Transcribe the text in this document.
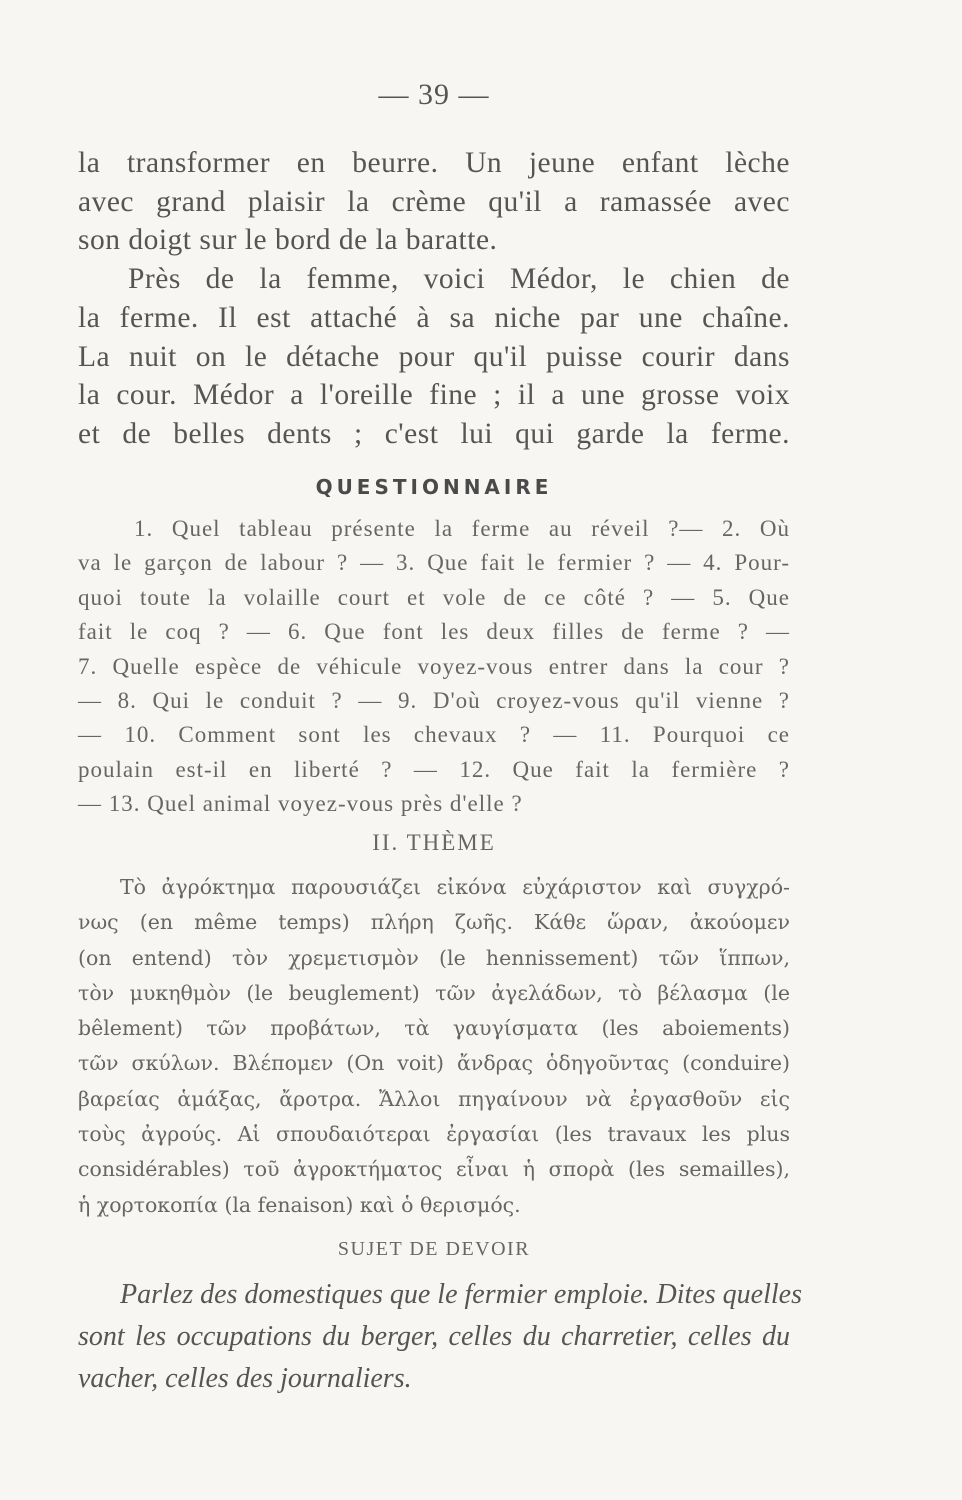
— 39 —
la transformer en beurre. Un jeune enfant lèche
avec grand plaisir la crème qu'il a ramassée avec
son doigt sur le bord de la baratte.
Près de la femme, voici Médor, le chien de
la ferme. Il est attaché à sa niche par une chaîne.
La nuit on le détache pour qu'il puisse courir dans
la cour. Médor a l'oreille fine ; il a une grosse voix
et de belles dents ; c'est lui qui garde la ferme.
QUESTIONNAIRE
1. Quel tableau présente la ferme au réveil ?— 2. Où
va le garçon de labour ? — 3. Que fait le fermier ? — 4. Pour-
quoi toute la volaille court et vole de ce côté ? — 5. Que
fait le coq ? — 6. Que font les deux filles de ferme ? —
7. Quelle espèce de véhicule voyez-vous entrer dans la cour ?
— 8. Qui le conduit ? — 9. D'où croyez-vous qu'il vienne ?
— 10. Comment sont les chevaux ? — 11. Pourquoi ce
poulain est-il en liberté ? — 12. Que fait la fermière ?
— 13. Quel animal voyez-vous près d'elle ?
II. THÈME
Τὸ ἀγρόκτημα παρουσιάζει εἰκόνα εὐχάριστον καὶ συγχρό-
νως (en même temps) πλήρη ζωῆς. Κάθε ὥραν, ἀκούομεν
(on entend) τὸν χρεμετισμὸν (le hennissement) τῶν ἵππων,
τὸν μυκηθμὸν (le beuglement) τῶν ἀγελάδων, τὸ βέλασμα (le
bêlement) τῶν προβάτων, τὰ γαυγίσματα (les aboiements)
τῶν σκύλων. Βλέπομεν (On voit) ἄνδρας ὁδηγοῦντας (conduire)
βαρείας ἁμάξας, ἄροτρα. Ἄλλοι πηγαίνουν νὰ ἐργασθοῦν εἰς
τοὺς ἀγρούς. Αἱ σπουδαιότεραι ἐργασίαι (les travaux les plus
considérables) τοῦ ἀγροκτήματος εἶναι ἡ σπορὰ (les semailles),
ἡ χορτοκοπία (la fenaison) καὶ ὁ θερισμός.
SUJET DE DEVOIR
Parlez des domestiques que le fermier emploie. Dites quelles
sont les occupations du berger, celles du charretier, celles du
vacher, celles des journaliers.
